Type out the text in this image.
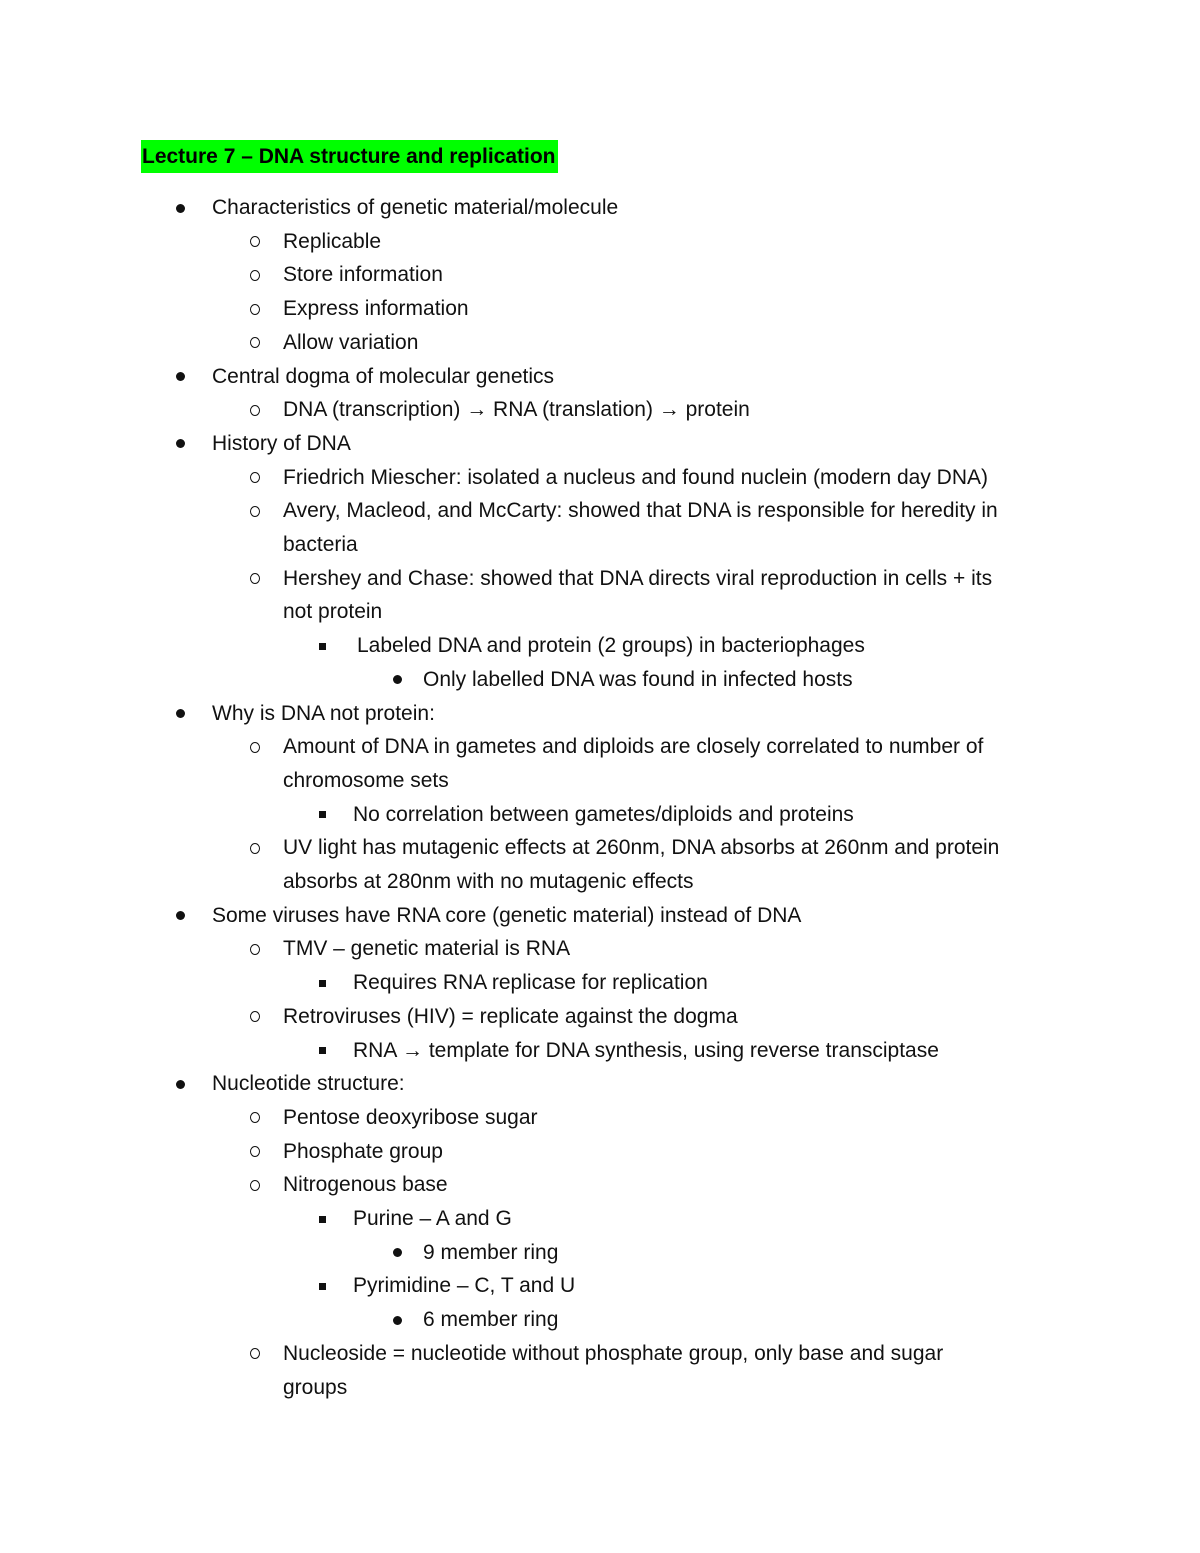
Lecture 7 – DNA structure and replication
Characteristics of genetic material/molecule
Replicable
Store information
Express information
Allow variation
Central dogma of molecular genetics
DNA (transcription) → RNA (translation) → protein
History of DNA
Friedrich Miescher: isolated a nucleus and found nuclein (modern day DNA)
Avery, Macleod, and McCarty: showed that DNA is responsible for heredity in
bacteria
Hershey and Chase: showed that DNA directs viral reproduction in cells + its
not protein
Labeled DNA and protein (2 groups) in bacteriophages
Only labelled DNA was found in infected hosts
Why is DNA not protein:
Amount of DNA in gametes and diploids are closely correlated to number of
chromosome sets
No correlation between gametes/diploids and proteins
UV light has mutagenic effects at 260nm, DNA absorbs at 260nm and protein
absorbs at 280nm with no mutagenic effects
Some viruses have RNA core (genetic material) instead of DNA
TMV – genetic material is RNA
Requires RNA replicase for replication
Retroviruses (HIV) = replicate against the dogma
RNA → template for DNA synthesis, using reverse transciptase
Nucleotide structure:
Pentose deoxyribose sugar
Phosphate group
Nitrogenous base
Purine – A and G
9 member ring
Pyrimidine – C, T and U
6 member ring
Nucleoside = nucleotide without phosphate group, only base and sugar
groups
